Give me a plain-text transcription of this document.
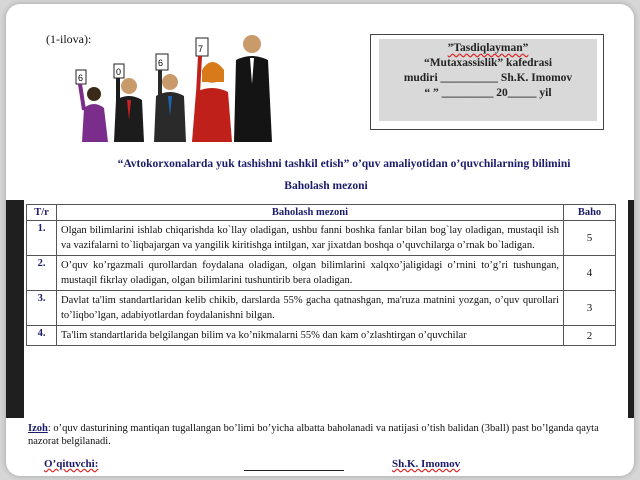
(1-ilova):
6
0
6
7	”Tasdiqlayman”
“Mutaxassislik” kafedrasi
mudiri __________ Sh.K. Imomov
“ ” _________ 20_____ yil
“Avtokorxonalarda yuk tashishni tashkil etish” o’quv amaliyotidan o’quvchilarning bilimini
Baholash mezoni
T/r	Baholash mezoni	Baho
1.	Olgan bilimlarini ishlab chiqarishda ko`llay oladigan, ushbu fanni boshka fanlar bilan bog`lay oladigan, mustaqil ish va vazifalarni to`liqbajargan va yangilik kiritishga intilgan, xar jixatdan boshqa o’quvchilarga o’rnak bo`ladigan.	5
2.	O’quv ko’rgazmali qurollardan foydalana oladigan, olgan bilimlarini xalqxo’jaligidagi o’rnini to’g’ri tushungan, mustaqil fikrlay oladigan, olgan bilimlarini tushuntirib bera oladigan.	4
3.	Davlat ta'lim standartlaridan kelib chikib, darslarda 55% gacha qatnashgan, ma'ruza matnini yozgan, o’quv qurollari to’liqbo’lgan, adabiyotlardan foydalanishni bilgan.	3
4.	Ta'lim standartlarida belgilangan bilim va ko’nikmalarni 55% dan kam o’zlashtirgan o’quvchilar	2
Izoh: o’quv dasturining mantiqan tugallangan bo’limi bo’yicha albatta baholanadi va natijasi o’tish balidan (3ball) past bo’lganda qayta nazorat belgilanadi.
O’qituvchi:	Sh.K. Imomov
